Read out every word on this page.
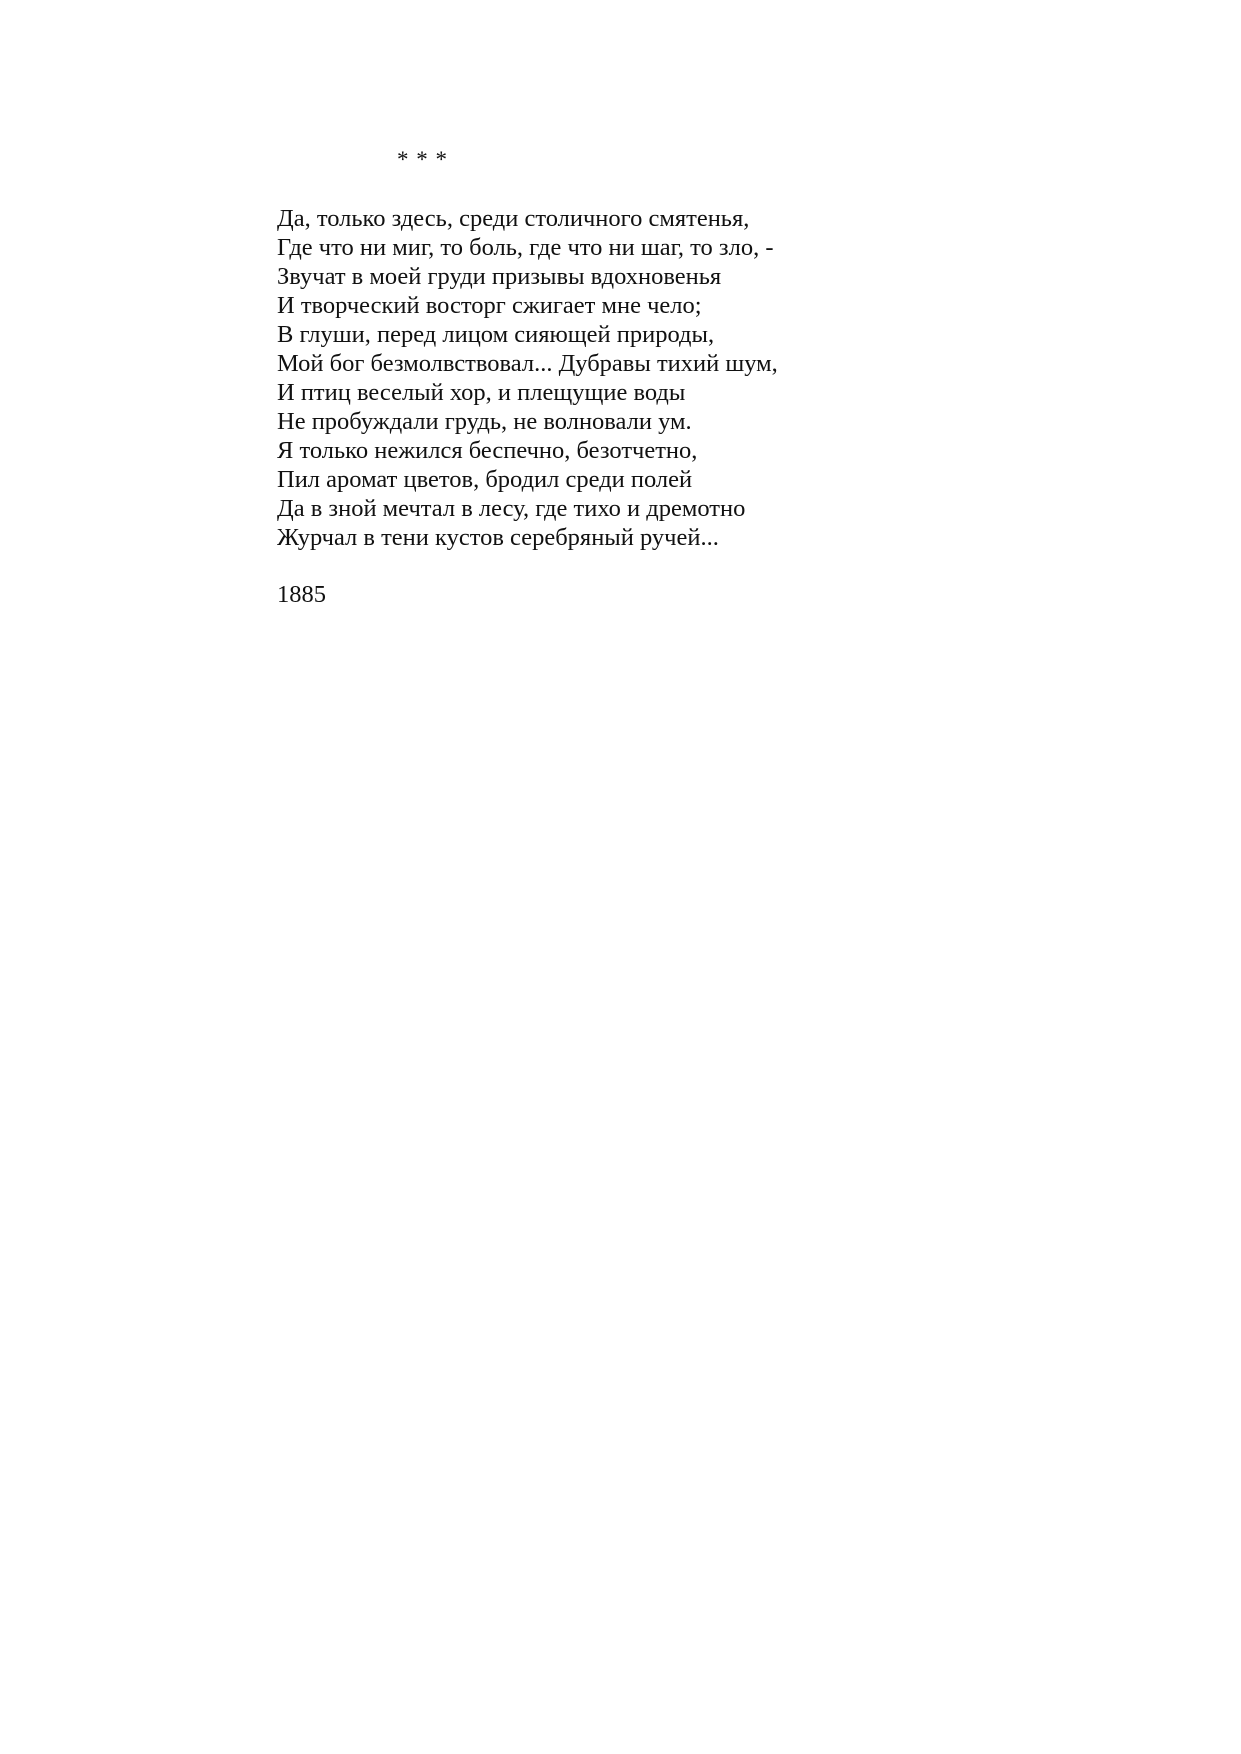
* * *
Да, только здесь, среди столичного смятенья,
Где что ни миг, то боль, где что ни шаг, то зло, -
Звучат в моей груди призывы вдохновенья
И творческий восторг сжигает мне чело;
В глуши, перед лицом сияющей природы,
Мой бог безмолвствовал... Дубравы тихий шум,
И птиц веселый хор, и плещущие воды
Не пробуждали грудь, не волновали ум.
Я только нежился беспечно, безотчетно,
Пил аромат цветов, бродил среди полей
Да в зной мечтал в лесу, где тихо и дремотно
Журчал в тени кустов серебряный ручей...
1885
